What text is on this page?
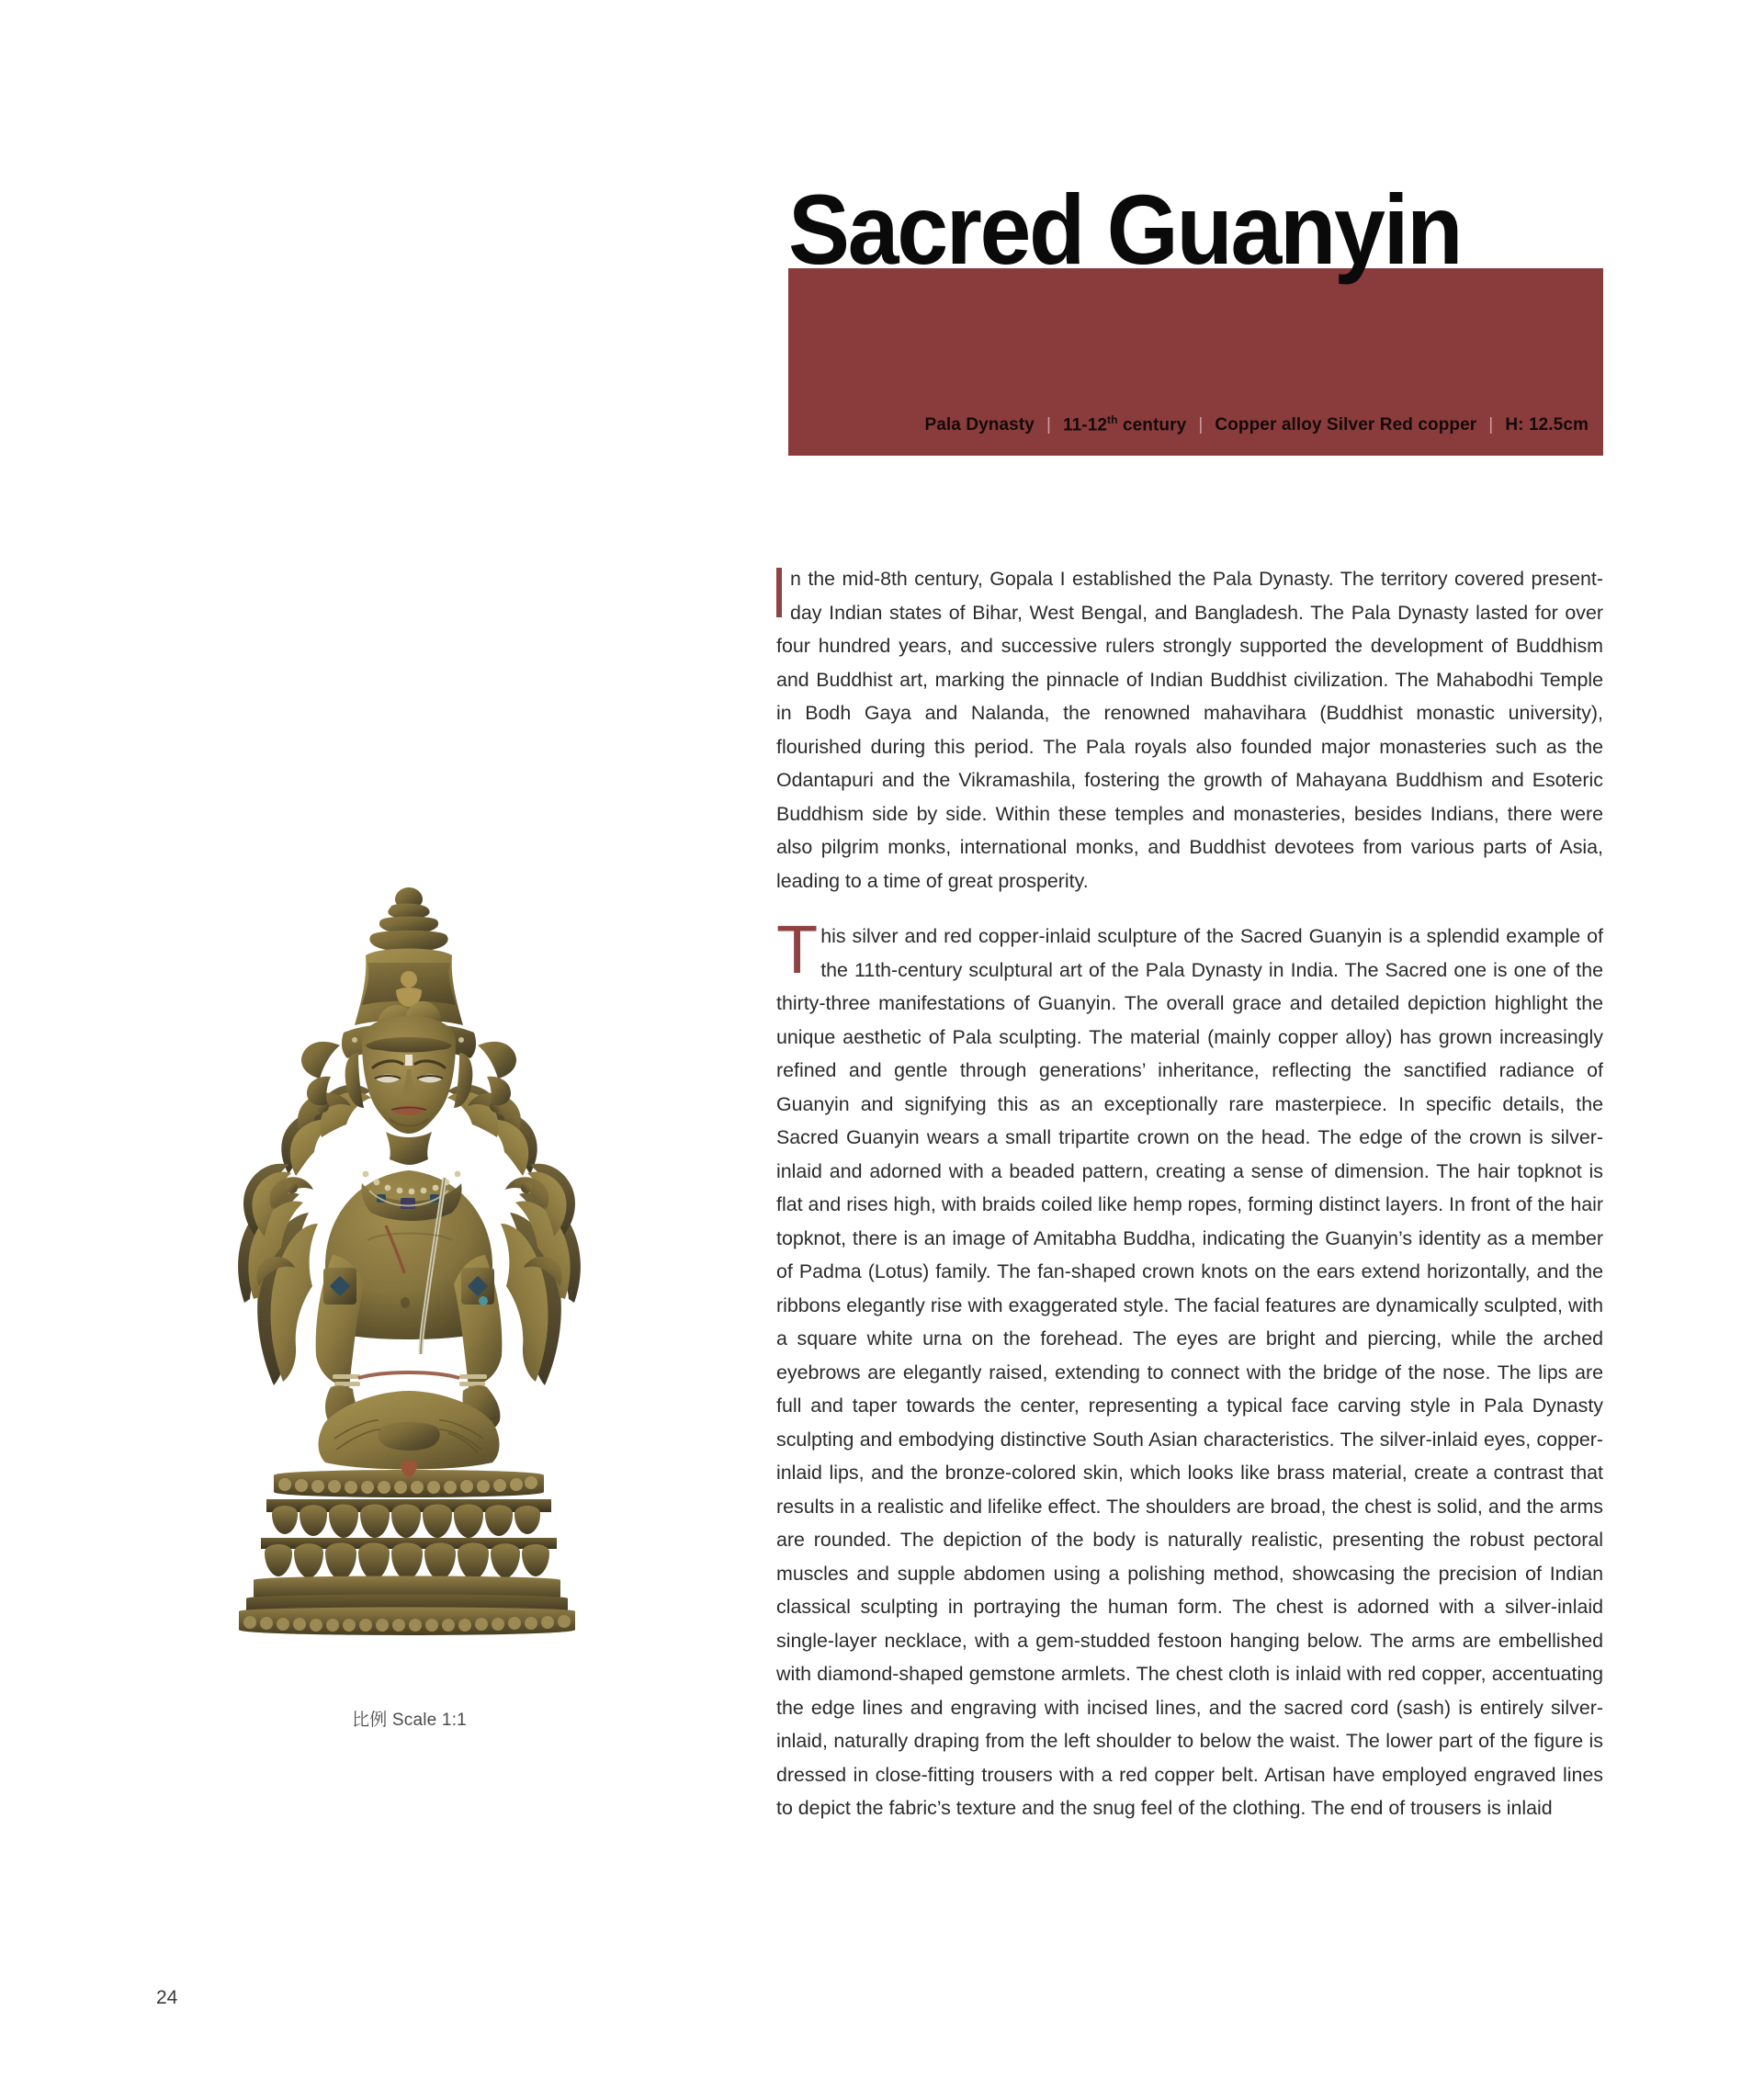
Sacred Guanyin
Pala Dynasty | 11-12th century | Copper alloy Silver Red copper | H: 12.5cm
比例 Scale 1:1

n the mid-8th century, Gopala I established the Pala Dynasty. The territory covered present-day Indian states of Bihar, West Bengal, and Bangladesh. The Pala Dynasty lasted for over four hundred years, and successive rulers strongly supported the development of Buddhism and Buddhist art, marking the pinnacle of Indian Buddhist civilization. The Mahabodhi Temple in Bodh Gaya and Nalanda, the renowned mahavihara (Buddhist monastic university), flourished during this period. The Pala royals also founded major monasteries such as the Odantapuri and the Vikramashila, fostering the growth of Mahayana Buddhism and Esoteric Buddhism side by side. Within these temples and monasteries, besides Indians, there were also pilgrim monks, international monks, and Buddhist devotees from various parts of Asia, leading to a time of great prosperity.

This silver and red copper-inlaid sculpture of the Sacred Guanyin is a splendid example of the 11th-century sculptural art of the Pala Dynasty in India. The Sacred one is one of the thirty-three manifestations of Guanyin. The overall grace and detailed depiction highlight the unique aesthetic of Pala sculpting. The material (mainly copper alloy) has grown increasingly refined and gentle through generations’ inheritance, reflecting the sanctified radiance of Guanyin and signifying this as an exceptionally rare masterpiece. In specific details, the Sacred Guanyin wears a small tripartite crown on the head. The edge of the crown is silver-inlaid and adorned with a beaded pattern, creating a sense of dimension. The hair topknot is flat and rises high, with braids coiled like hemp ropes, forming distinct layers. In front of the hair topknot, there is an image of Amitabha Buddha, indicating the Guanyin’s identity as a member of Padma (Lotus) family. The fan-shaped crown knots on the ears extend horizontally, and the ribbons elegantly rise with exaggerated style. The facial features are dynamically sculpted, with a square white urna on the forehead. The eyes are bright and piercing, while the arched eyebrows are elegantly raised, extending to connect with the bridge of the nose. The lips are full and taper towards the center, representing a typical face carving style in Pala Dynasty sculpting and embodying distinctive South Asian characteristics. The silver-inlaid eyes, copper-inlaid lips, and the bronze-colored skin, which looks like brass material, create a contrast that results in a realistic and lifelike effect. The shoulders are broad, the chest is solid, and the arms are rounded. The depiction of the body is naturally realistic, presenting the robust pectoral muscles and supple abdomen using a polishing method, showcasing the precision of Indian classical sculpting in portraying the human form. The chest is adorned with a silver-inlaid single-layer necklace, with a gem-studded festoon hanging below. The arms are embellished with diamond-shaped gemstone armlets. The chest cloth is inlaid with red copper, accentuating the edge lines and engraving with incised lines, and the sacred cord (sash) is entirely silver-inlaid, naturally draping from the left shoulder to below the waist. The lower part of the figure is dressed in close-fitting trousers with a red copper belt. Artisan have employed engraved lines to depict the fabric’s texture and the snug feel of the clothing. The end of trousers is inlaid

24
